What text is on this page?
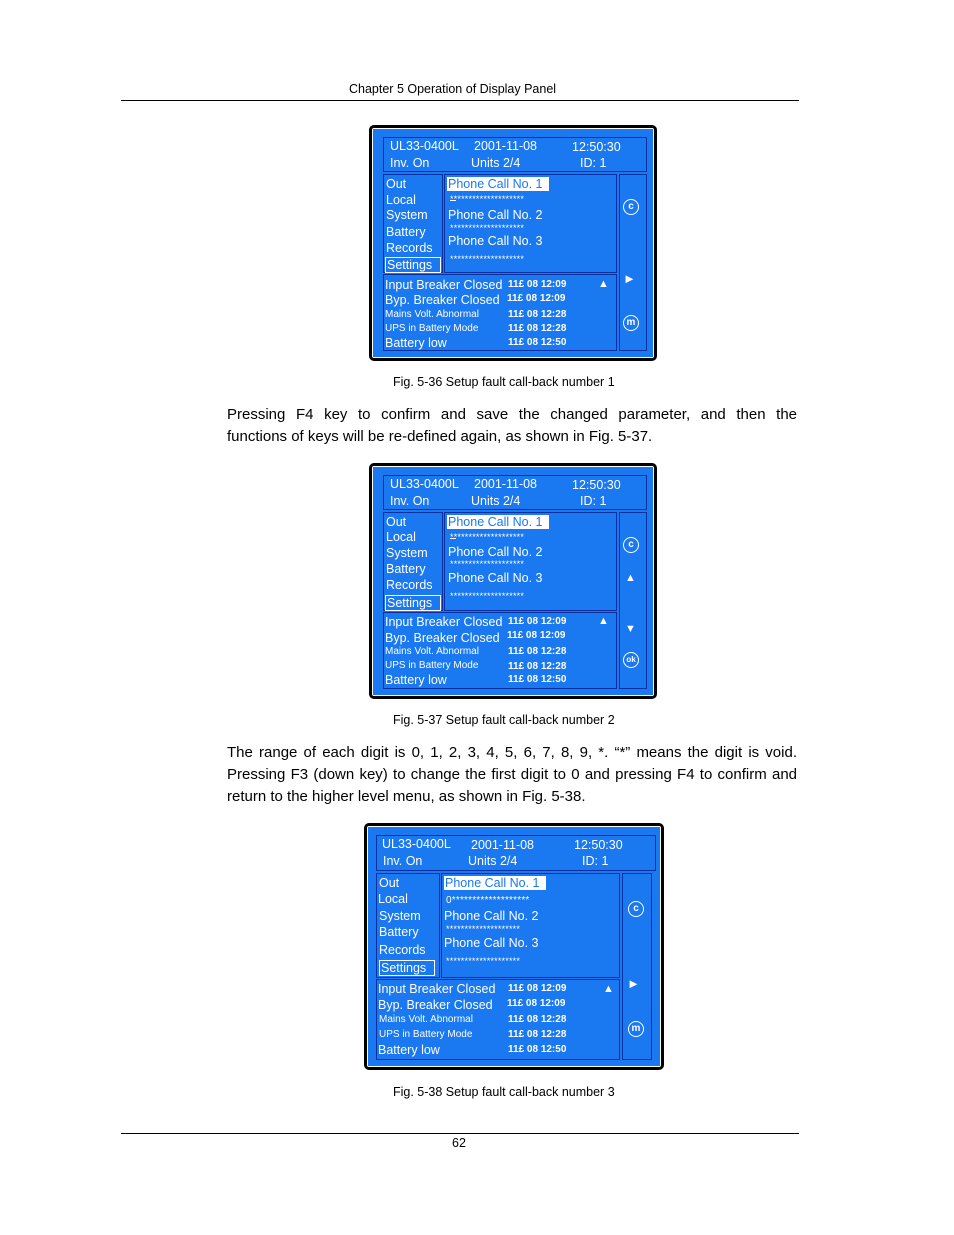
Chapter 5 Operation of Display Panel
UL33-0400L 2001-11-08	12:50:30
Inv. On	Units 2/4	ID: 1
Out
Local
System
Battery
Records
Settings
Phone Call No. 1
********************
Phone Call No. 2
********************
Phone Call No. 3
********************
Input Breaker Closed 11£ 08 12:09
Byp. Breaker Closed 11£ 08 12:09
Mains Volt. Abnormal	11£ 08 12:28
UPS in Battery Mode	11£ 08 12:28
Battery low	11£ 08 12:50
▲
c
►
m
Fig. 5-36 Setup fault call-back number 1
Pressing F4 key to confirm and save the changed parameter, and then the
functions of keys will be re-defined again, as shown in Fig. 5-37.
UL33-0400L 2001-11-08	12:50:30
Inv. On	Units 2/4	ID: 1
Out
Local
System
Battery
Records
Settings
Phone Call No. 1
********************
Phone Call No. 2
********************
Phone Call No. 3
********************
Input Breaker Closed 11£ 08 12:09
Byp. Breaker Closed 11£ 08 12:09
Mains Volt. Abnormal	11£ 08 12:28
UPS in Battery Mode	11£ 08 12:28
Battery low	11£ 08 12:50
▲
c
▲
▼
ok
Fig. 5-37 Setup fault call-back number 2
The range of each digit is 0, 1, 2, 3, 4, 5, 6, 7, 8, 9, *. “*” means the digit is void.
Pressing F3 (down key) to change the first digit to 0 and pressing F4 to confirm and
return to the higher level menu, as shown in Fig. 5-38.
UL33-0400L 2001-11-08	12:50:30
Inv. On	Units 2/4	ID: 1
Out
Local
System
Battery
Records
Settings
Phone Call No. 1
0*******************
Phone Call No. 2
********************
Phone Call No. 3
********************
Input Breaker Closed 11£ 08 12:09
Byp. Breaker Closed 11£ 08 12:09
Mains Volt. Abnormal	11£ 08 12:28
UPS in Battery Mode	11£ 08 12:28
Battery low	11£ 08 12:50
▲
c
►
m
Fig. 5-38 Setup fault call-back number 3
62
